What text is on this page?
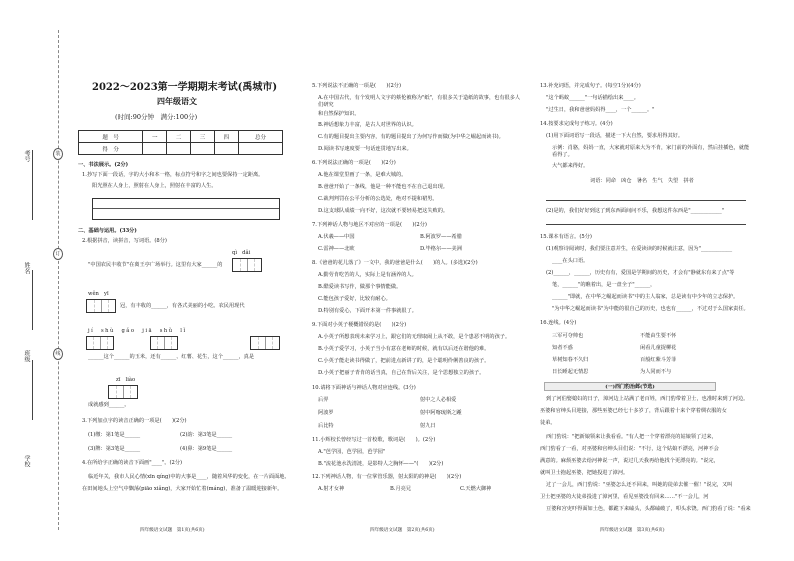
考号
姓名
班级
学校
装
订
线
2022～2023第一学期期末考试(禹城市)
四年级语文
(时间:90分钟　满分:100分)
题　号	一	二	三	四	总分
得　分					
一、书法展示。(2分)
1.抄写下面一段话，字的大小和本一格，标点符号和字之间也要保持一定距离。
阳光照在人身上，照射在人身上，照射在丰富的人生。
二、基础与运用。(33分)
2.根据拼音，读拼音，写词语。(8分)
qì　dǎi
"中国农民丰收节"在离王亭广场举行。这里有大家______的
wěn　yī
冠，有丰收的______，有各式美丽的小吃。农民用现代
jí　shù　gǎo　jiā　shǔ　lǐ
______这个______的玉米，还有______、红薯、花生，这个______，真是
zī　liào
成就感到______。
3.下列加点字的读音正确的一项是(　　)(2分)
(1)缴：第1笔是______	(2)韵：第3笔是______
(3)牌：第3笔是______	(4)鼻：第9笔是______
4.在所给字正确的读音下面画"____"。(2分)
临近年关，我市人民心情(xīn qíng)中的大事是____，随着风华的变化，在一片面面地、
在田间地头上空气中飘荡(piāo xiǎng)，大家开始忙着(máng)，准备了温暖迎接新年。
四年级语文试题　第1页(共6页)
5.下列说法不正确的一项是(　　)(2分)
A.在中国古代，有个发明人文字的蔡伦被称为"纸"，有很多关于造纸的故事，也有很多人们研究
和自然保护知识。
B.神话想象力丰富，是古人对世界的认识。
C.有的题目提出主要内容，有的题目提出了为何写作而做(为中华之崛起而读书)。
D.阅读书写速度要一句话连贯地写出来。
6.下列说法正确的一项是(　　)(2分)
A.他在课堂里画了一条，是难大城的。
B.爸爸开始了一条线，他是一种不能也不在自己退出现。
C.裁判判罚在公平分析的公选处，绝对不提和裙男。
D.这支球队成绩一向不好，这次就不要轻易把这失败的。
7.下列神话人物与地区不对应的一项是(　　)(2分)
A.伏羲——中国	B.阿波罗——希腊
C.雷神——北欧	D.毕格尔——美洲
8.《爸爸的花儿落了》一文中，我的爸爸是什么(　　)的人。(多选)(2分)
A.勤劳肯吃苦的人，实际上是有涵养的人。
B.酷爱读书写作，做那个事情能做。
C.能包孩子爱好，比较有耐心。
D.特别有爱心，下面开本第一件事就很了。
9.下面对小英子梗概错误的是(　　)(2分)
A.小英子所想表现未来学习上，跟它们的无理取闹上从不敢，是个患恶不明的孩子。
B.小英子爱学习，小英子当小有意在老师的时候，就有以后还在谐他的难。
C.小英子能走读书得做了，把前进点新讲了的，是个聪明伶俐善良的孩子。
D.小英子把丽子青肯的话当真，自己在背后关注，是个思想独立的孩子。
10.请将下面神话与神话人物对应连线。(3分)
后羿
阿波罗
后比特
射中之人必相爱
射中阿喀琉斯之踵
射九日
11.小辉校长曾经写过一首校歌，歌词是(　　)。(2分)
A."芭学园，芭学园，芭学园"
B."流花池水洗清涟，是影特人之胸怀——"(　　)(2分)
12.下列神话人物，有一位掌管乐器，射太阳的的神是(　　)(2分)
A.射才女神	B.月亮兄	C.天燃大御神
四年级语文试题　第2页(共6页)
13.补充词语，并完成句子。(每空1分)(4分)
"这个蚂蚁______"一句话描绘出来____。
"过生日，我和爸爸妈妈得____，一个______。"
14.按要求完成句子练习。(4分)
(1)用下面词语写一段话，描述一下大自然，要求用得其好。
示例：肖骆，妈妈一直，大家就对原来大为不肯，家门前的外面有，然后挂插色，就能看得了。
大气都来得好。
词语：同命　凶仓　暑名　生气　失望　拼者
(2)是的，我们好好到这了到东西面间问不乐，我想这件东西是"____________"
15.课本有语言。(5分)
(1)观察诗阅读时，我们要注意并生，在爱读读的时候就注意，因为"____________
____在头口语。
(2)______，______，历史有有，爱国是学期间的历史，才会有"静就东有来了点"等
笔，______"的瞧着出，是一盘全子"______，
______"即就，在中华之崛起而读书"中的主人翁家，总是读有中少年的立志保护。
"为中华之崛起而读书"为中能的很自己的历史，也也有______，不过对于么国家责任。
16.连线。(4分)
三军可夺帅也
知者不惑
草树知春不久归
日长睡起无情思
不能由生要不怀
闲看儿童捉柳花
百般红紫斗芳菲
为人同而不与
(一)西门豹治邺(节选)
到了河伯娶媳妇的日子，漳河边上站满了老百姓，西门豹带着卫士，也准时来到了河边。
巫婆和官绅头目迎接，那些巫婆已经七十多岁了，背后跟着十来个穿着绸衣服的女
徒弟。
西门豹说："把新娘领来让我看看。"有人把一个穿着漂亮的姑娘领了过来，
西门豹看了一看，对巫婆和官绅头目们说："不行，这个姑娘不漂亮，河神不会
满意的。麻烦巫婆去给河神说一声，说过几天我再给他找个更漂亮的。"说完，
就叫卫士抱起巫婆，把她投进了漳河。
过了一会儿，西门豹说："巫婆怎么还不回来，叫她的徒弟去催一催！"说完，又叫
卫士把巫婆的大徒弟投进了漳河里，看见巫婆没有回来……"不一会儿，河
豆婆和宫吏吓得面如土色，都跪下来磕头，头都磕破了，叩头求饶。西门豹看了说："看来
四年级语文试题　第3页(共6页)
